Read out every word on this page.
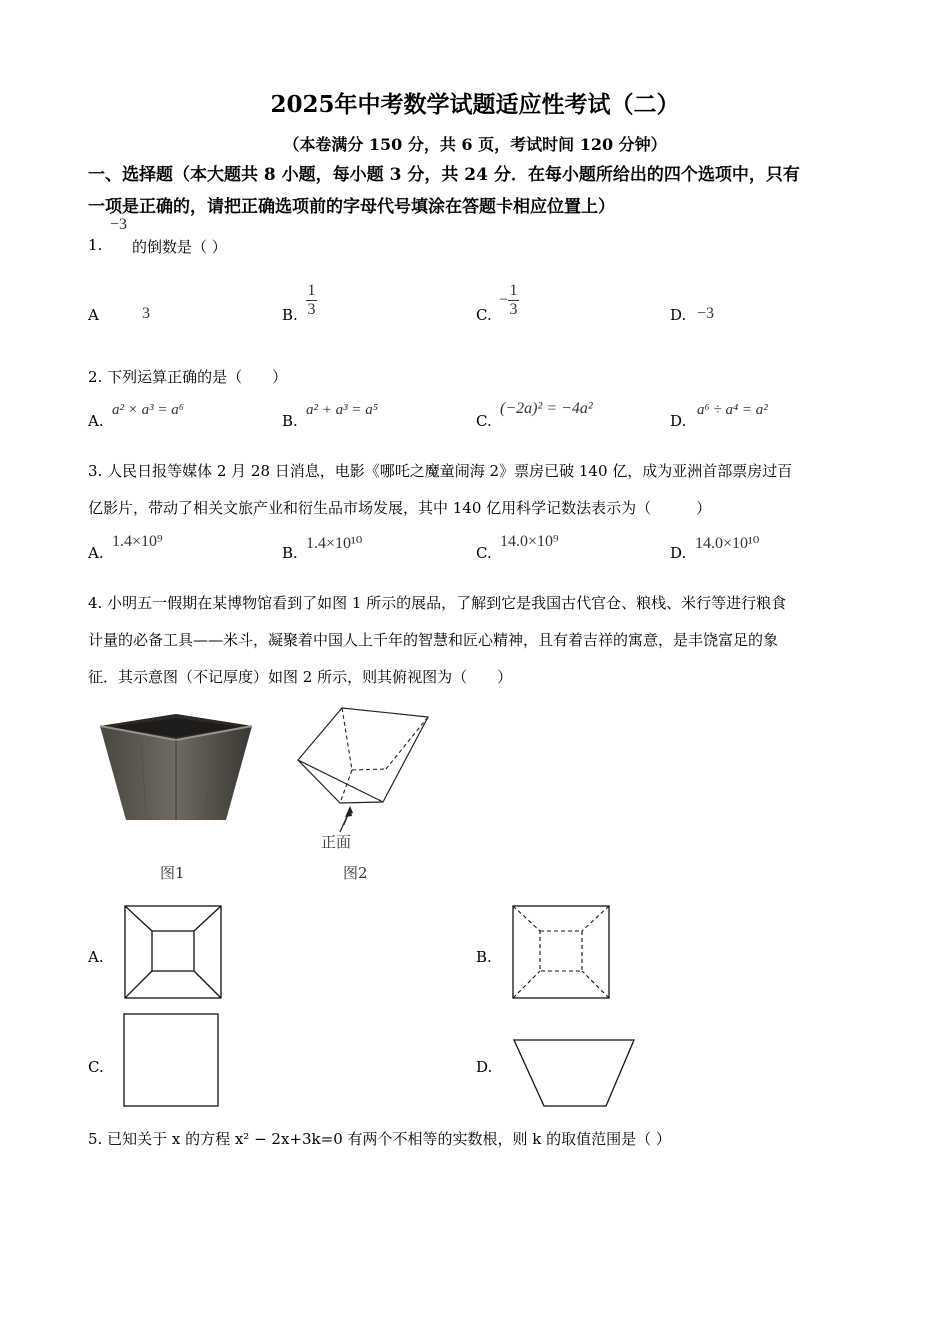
2025年中考数学试题适应性考试（二）
（本卷满分 150 分，共 6 页，考试时间 120 分钟）
一、选择题（本大题共 8 小题，每小题 3 分，共 24 分．在每小题所给出的四个选项中，只有
一项是正确的，请把正确选项前的字母代号填涂在答题卡相应位置上）
1.
−3
的倒数是（ ）
A	3	B. $\frac{1}{3}$	C.
− $\frac{1}{3}$	D. −3
2. 下列运算正确的是（　　）
A.
a² × a³ = a⁶
B.
a² + a³ = a⁵
C.
(−2a)² = −4a²
D.
a⁶ ÷ a⁴ = a²
3. 人民日报等媒体 2 月 28 日消息，电影《哪吒之魔童闹海 2》票房已破 140 亿，成为亚洲首部票房过百
亿影片，带动了相关文旅产业和衍生品市场发展，其中 140 亿用科学记数法表示为（　　　）
A.
1.4×10⁹
B.
1.4×10¹⁰
C.
14.0×10⁹
D.
14.0×10¹⁰
4. 小明五一假期在某博物馆看到了如图 1 所示的展品，了解到它是我国古代官仓、粮栈、米行等进行粮食
计量的必备工具——米斗，凝聚着中国人上千年的智慧和匠心精神，且有着吉祥的寓意，是丰饶富足的象
征．其示意图（不记厚度）如图 2 所示，则其俯视图为（　　）
正面
图1	图2
A.	B.
C.	D.
5. 已知关于 x 的方程 x² − 2x+3k=0 有两个不相等的实数根，则 k 的取值范围是（ ）
